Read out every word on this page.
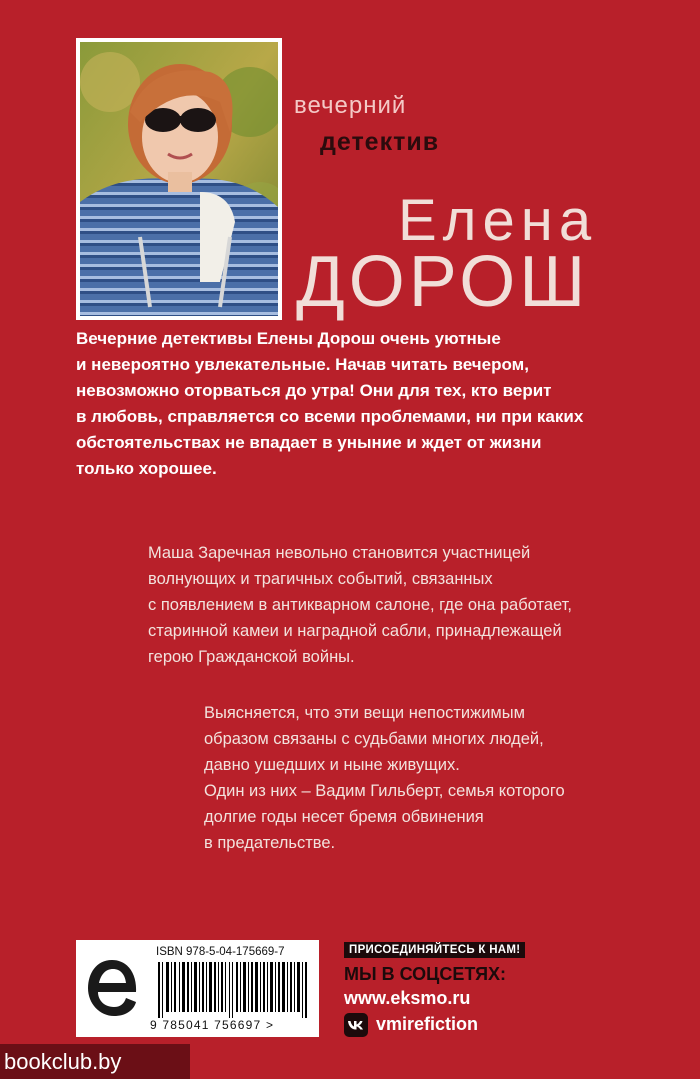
вечерний
детектив
Елена
ДОРОШ

Вечерние детективы Елены Дорош очень уютные

и невероятно увлекательные. Начав читать вечером,

невозможно оторваться до утра! Они для тех, кто верит

в любовь, справляется со всеми проблемами, ни при каких

обстоятельствах не впадает в уныние и ждет от жизни

только хорошее.

Маша Заречная невольно становится участницей

волнующих и трагичных событий, связанных

с появлением в антикварном салоне, где она работает,

старинной камеи и наградной сабли, принадлежащей

герою Гражданской войны.

Выясняется, что эти вещи непостижимым

образом связаны с судьбами многих людей,

давно ушедших и ныне живущих.

Один из них – Вадим Гильберт, семья которого

долгие годы несет бремя обвинения

в предательстве.

ISBN 978-5-04-175669-7
9 785041 756697 >
ПРИСОЕДИНЯЙТЕСЬ К НАМ!
МЫ В СОЦСЕТЯХ:
www.eksmo.ru
vmirefiction
bookclub.by
